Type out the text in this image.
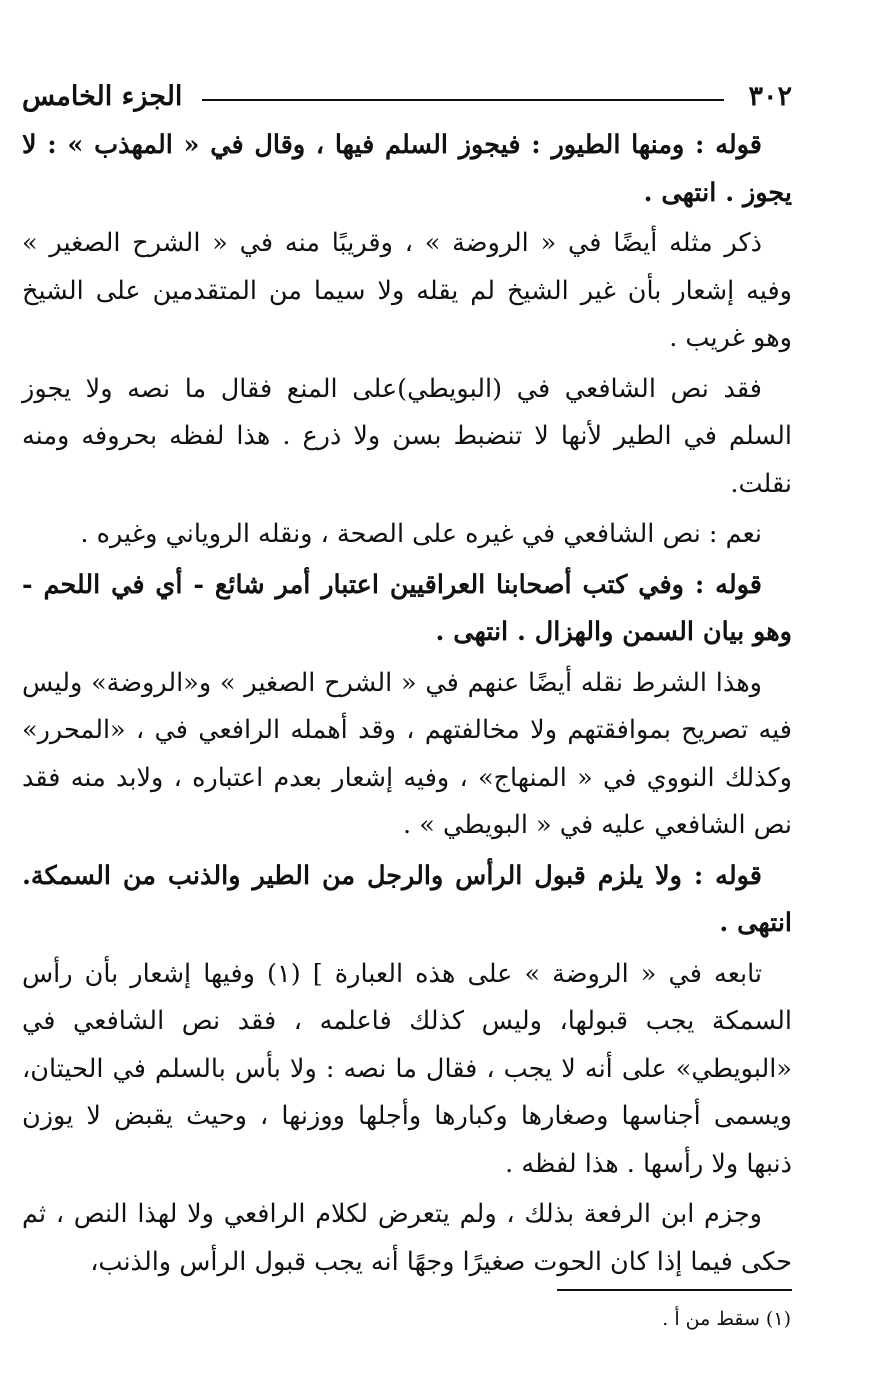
٣٠٢
الجزء الخامس

قوله : ومنها الطيور : فيجوز السلم فيها ، وقال في « المهذب » : لا يجوز . انتهى .

ذكر مثله أيضًا في « الروضة » ، وقريبًا منه في « الشرح الصغير » وفيه إشعار بأن غير الشيخ لم يقله ولا سيما من المتقدمين على الشيخ وهو غريب .

فقد نص الشافعي في (البويطي)على المنع فقال ما نصه ولا يجوز السلم في الطير لأنها لا تنضبط بسن ولا ذرع . هذا لفظه بحروفه ومنه نقلت.

نعم : نص الشافعي في غيره على الصحة ، ونقله الروياني وغيره .

قوله : وفي كتب أصحابنا العراقيين اعتبار أمر شائع - أي في اللحم - وهو بيان السمن والهزال . انتهى .

وهذا الشرط نقله أيضًا عنهم في « الشرح الصغير » و«الروضة» وليس فيه تصريح بموافقتهم ولا مخالفتهم ، وقد أهمله الرافعي في ، «المحرر» وكذلك النووي في « المنهاج» ، وفيه إشعار بعدم اعتباره ، ولابد منه فقد نص الشافعي عليه في « البويطي » .

قوله : ولا يلزم قبول الرأس والرجل من الطير والذنب من السمكة. انتهى .

تابعه في « الروضة » على هذه العبارة ] (١) وفيها إشعار بأن رأس السمكة يجب قبولها، وليس كذلك فاعلمه ، فقد نص الشافعي في «البويطي» على أنه لا يجب ، فقال ما نصه : ولا بأس بالسلم في الحيتان، ويسمى أجناسها وصغارها وكبارها وأجلها ووزنها ، وحيث يقبض لا يوزن ذنبها ولا رأسها . هذا لفظه .

وجزم ابن الرفعة بذلك ، ولم يتعرض لكلام الرافعي ولا لهذا النص ، ثم حكى فيما إذا كان الحوت صغيرًا وجهًا أنه يجب قبول الرأس والذنب،

(١) سقط من أ .
